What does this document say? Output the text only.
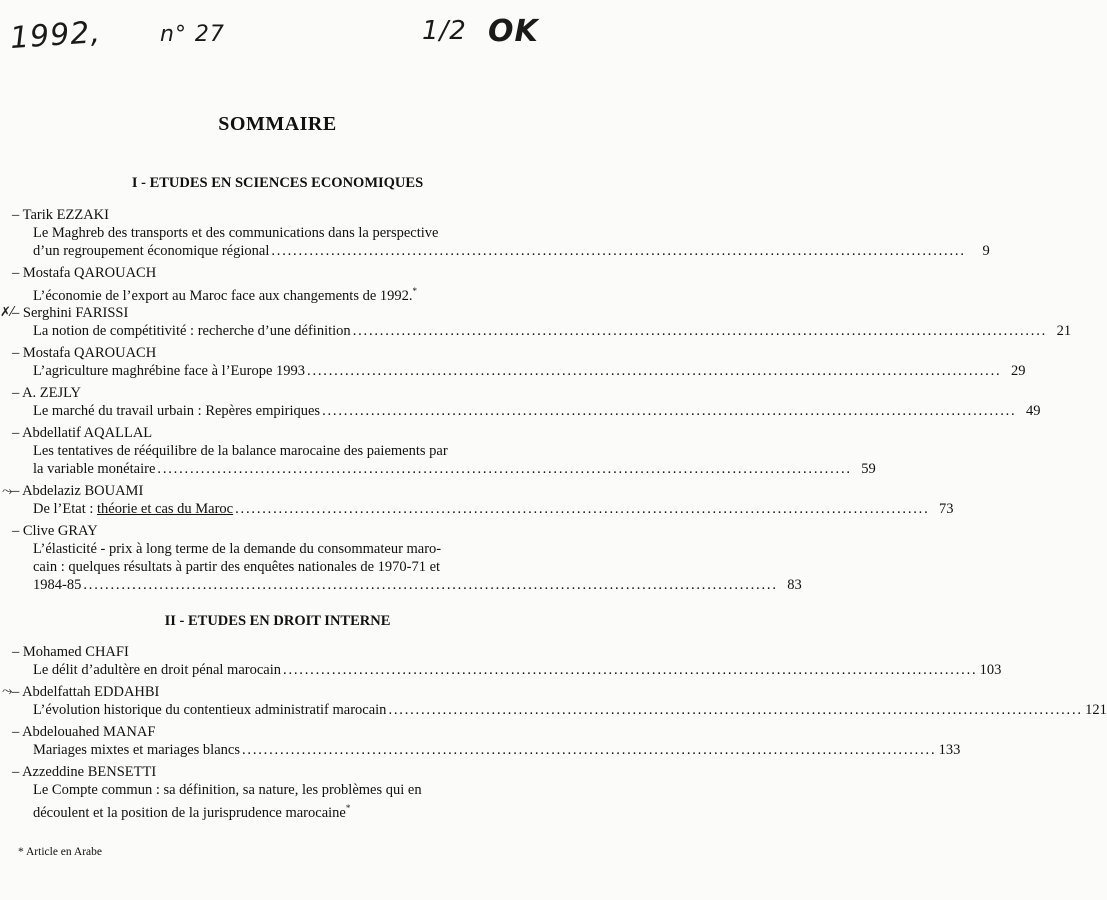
1992,	n° 27	1/2 OK
SOMMAIRE
I - ETUDES EN SCIENCES ECONOMIQUES
– Tarik EZZAKI
Le Maghreb des transports et des communications dans la perspective
d’un regroupement économique régional ................................................................................................................................	9
– Mostafa QAROUACH
L’économie de l’export au Maroc face aux changements de 1992.*
✗⁄
– Serghini FARISSI
La notion de compétitivité : recherche d’une définition ................................................................................................................................ 21
– Mostafa QAROUACH
L’agriculture maghrébine face à l’Europe 1993 ................................................................................................................................ 29
– A. ZEJLY
Le marché du travail urbain : Repères empiriques ................................................................................................................................ 49
– Abdellatif AQALLAL
Les tentatives de rééquilibre de la balance marocaine des paiements par
la variable monétaire ................................................................................................................................ 59
⤳ – Abdelaziz BOUAMI
De l’Etat : théorie et cas du Maroc ................................................................................................................................ 73
– Clive GRAY
L’élasticité - prix à long terme de la demande du consommateur maro-
cain : quelques résultats à partir des enquêtes nationales de 1970-71 et
1984-85 ................................................................................................................................ 83
II - ETUDES EN DROIT INTERNE
– Mohamed CHAFI
Le délit d’adultère en droit pénal marocain ................................................................................................................................ 103
⤳ – Abdelfattah EDDAHBI
L’évolution historique du contentieux administratif marocain ................................................................................................................................ 121
– Abdelouahed MANAF
Mariages mixtes et mariages blancs ................................................................................................................................ 133
– Azzeddine BENSETTI
Le Compte commun : sa définition, sa nature, les problèmes qui en
découlent et la position de la jurisprudence marocaine*
* Article en Arabe
